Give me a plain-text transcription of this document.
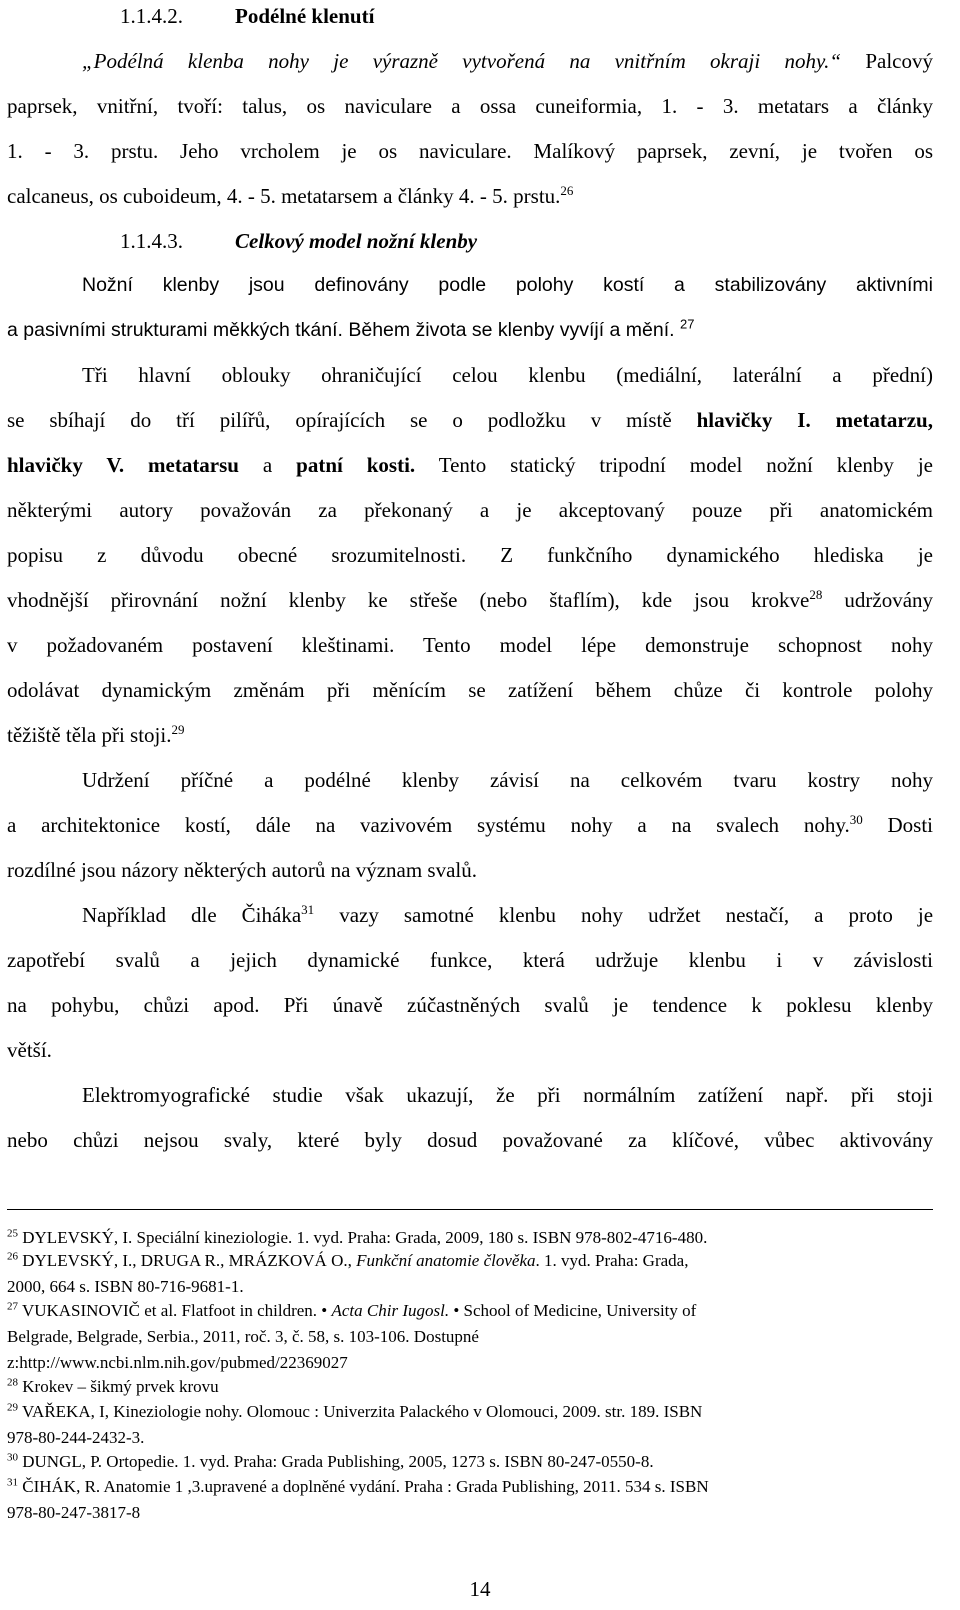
1.1.4.2. Podélné klenutí
„Podélná klenba nohy je výrazně vytvořená na vnitřním okraji nohy.“ Palcový
paprsek, vnitřní, tvoří: talus, os naviculare a ossa cuneiformia, 1. - 3. metatars a články
1. - 3. prstu. Jeho vrcholem je os naviculare. Malíkový paprsek, zevní, je tvořen os
calcaneus, os cuboideum, 4. - 5. metatarsem a články 4. - 5. prstu.$^{26}$
1.1.4.3. Celkový model nožní klenby
Nožní klenby jsou definovány podle polohy kostí a stabilizovány aktivními
a pasivními strukturami měkkých tkání. Během života se klenby vyvíjí a mění. $^{27}$
Tři hlavní oblouky ohraničující celou klenbu (mediální, laterální a přední)
se sbíhají do tří pilířů, opírajících se o podložku v místě hlavičky I. metatarzu,
hlavičky V. metatarsu a patní kosti. Tento statický tripodní model nožní klenby je
některými autory považován za překonaný a je akceptovaný pouze při anatomickém
popisu z důvodu obecné srozumitelnosti. Z funkčního dynamického hlediska je
vhodnější přirovnání nožní klenby ke střeše (nebo štaflím), kde jsou krokve$^{28}$ udržovány
v požadovaném postavení kleštinami. Tento model lépe demonstruje schopnost nohy
odolávat dynamickým změnám při měnícím se zatížení během chůze či kontrole polohy
těžiště těla při stoji.$^{29}$
Udržení příčné a podélné klenby závisí na celkovém tvaru kostry nohy
a architektonice kostí, dále na vazivovém systému nohy a na svalech nohy.$^{30}$ Dosti
rozdílné jsou názory některých autorů na význam svalů.
Například dle Čiháka$^{31}$ vazy samotné klenbu nohy udržet nestačí, a proto je
zapotřebí svalů a jejich dynamické funkce, která udržuje klenbu i v závislosti
na pohybu, chůzi apod. Při únavě zúčastněných svalů je tendence k poklesu klenby
větší.
Elektromyografické studie však ukazují, že při normálním zatížení např. při stoji
nebo chůzi nejsou svaly, které byly dosud považované za klíčové, vůbec aktivovány
$^{25}$ DYLEVSKÝ, I. Speciální kineziologie. 1. vyd. Praha: Grada, 2009, 180 s. ISBN 978-802-4716-480.
$^{26}$ DYLEVSKÝ, I., DRUGA R., MRÁZKOVÁ O., Funkční anatomie člověka. 1. vyd. Praha: Grada,
2000, 664 s. ISBN 80-716-9681-1.
$^{27}$ VUKASINOVIČ et al. Flatfoot in children. • Acta Chir Iugosl. • School of Medicine, University of
Belgrade, Belgrade, Serbia., 2011, roč. 3, č. 58, s. 103-106. Dostupné
z:http://www.ncbi.nlm.nih.gov/pubmed/22369027
$^{28}$ Krokev – šikmý prvek krovu
$^{29}$ VAŘEKA, I, Kineziologie nohy. Olomouc : Univerzita Palackého v Olomouci, 2009. str. 189. ISBN
978-80-244-2432-3.
$^{30}$ DUNGL, P. Ortopedie. 1. vyd. Praha: Grada Publishing, 2005, 1273 s. ISBN 80-247-0550-8.
$^{31}$ ČIHÁK, R. Anatomie 1 ,3.upravené a doplněné vydání. Praha : Grada Publishing, 2011. 534 s. ISBN
978-80-247-3817-8
14
